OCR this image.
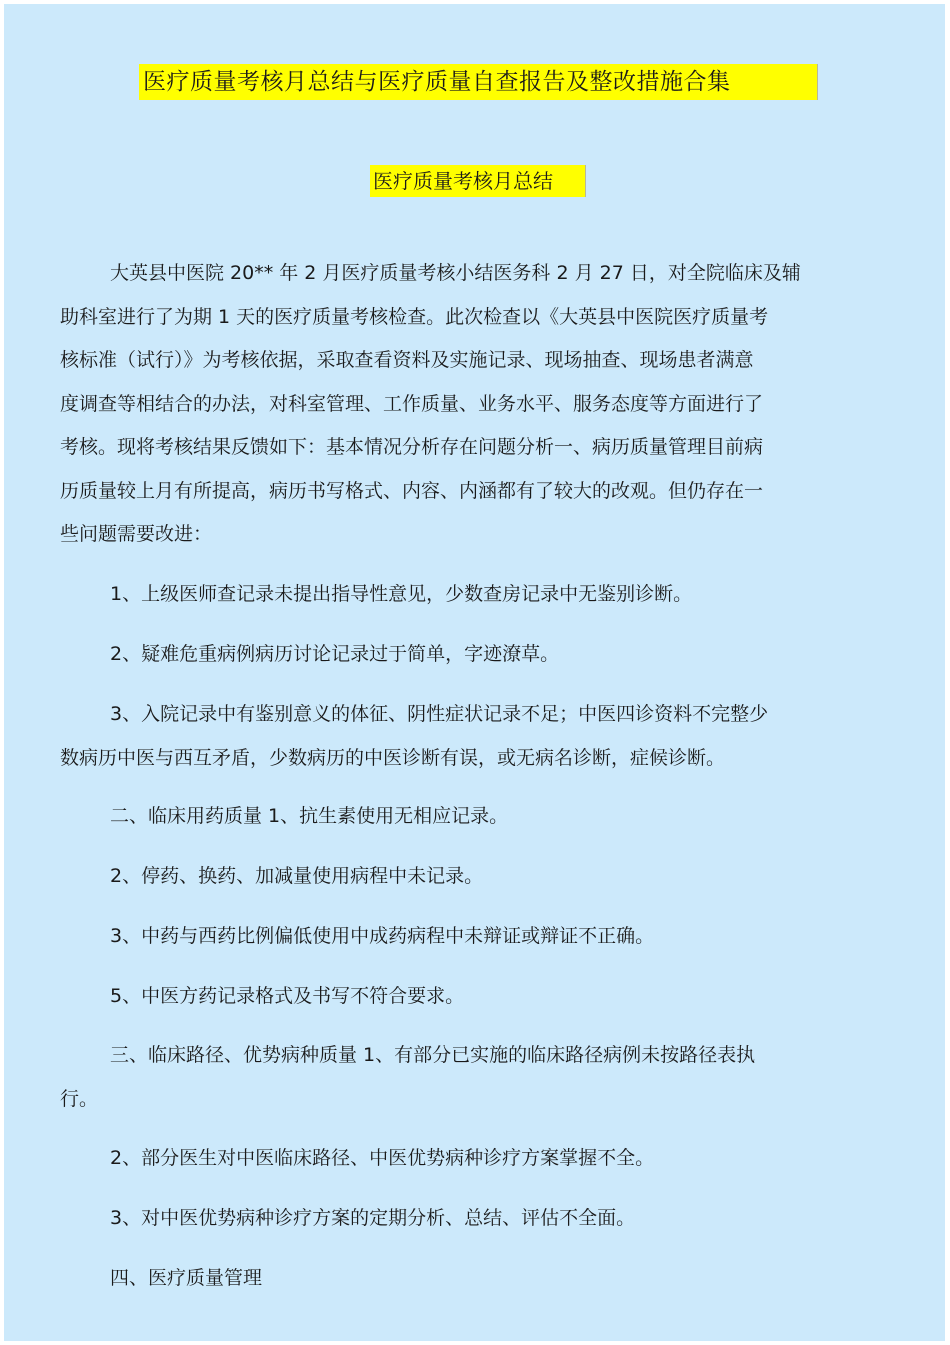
医疗质量考核月总结与医疗质量自查报告及整改措施合集
医疗质量考核月总结
大英县中医院 20** 年 2 月医疗质量考核小结医务科 2 月 27 日，对全院临床及辅
助科室进行了为期 1 天的医疗质量考核检查。此次检查以《大英县中医院医疗质量考
核标准（试行）》为考核依据，采取查看资料及实施记录、现场抽查、现场患者满意
度调查等相结合的办法，对科室管理、工作质量、业务水平、服务态度等方面进行了
考核。现将考核结果反馈如下：基本情况分析存在问题分析一、病历质量管理目前病
历质量较上月有所提高，病历书写格式、内容、内涵都有了较大的改观。但仍存在一
些问题需要改进：
1、上级医师查记录未提出指导性意见，少数查房记录中无鉴别诊断。
2、疑难危重病例病历讨论记录过于简单，字迹潦草。
3、入院记录中有鉴别意义的体征、阴性症状记录不足；中医四诊资料不完整少
数病历中医与西互矛盾，少数病历的中医诊断有误，或无病名诊断，症候诊断。
二、临床用药质量 1、抗生素使用无相应记录。
2、停药、换药、加减量使用病程中未记录。
3、中药与西药比例偏低使用中成药病程中未辩证或辩证不正确。
5、中医方药记录格式及书写不符合要求。
三、临床路径、优势病种质量 1、有部分已实施的临床路径病例未按路径表执
行。
2、部分医生对中医临床路径、中医优势病种诊疗方案掌握不全。
3、对中医优势病种诊疗方案的定期分析、总结、评估不全面。
四、医疗质量管理
